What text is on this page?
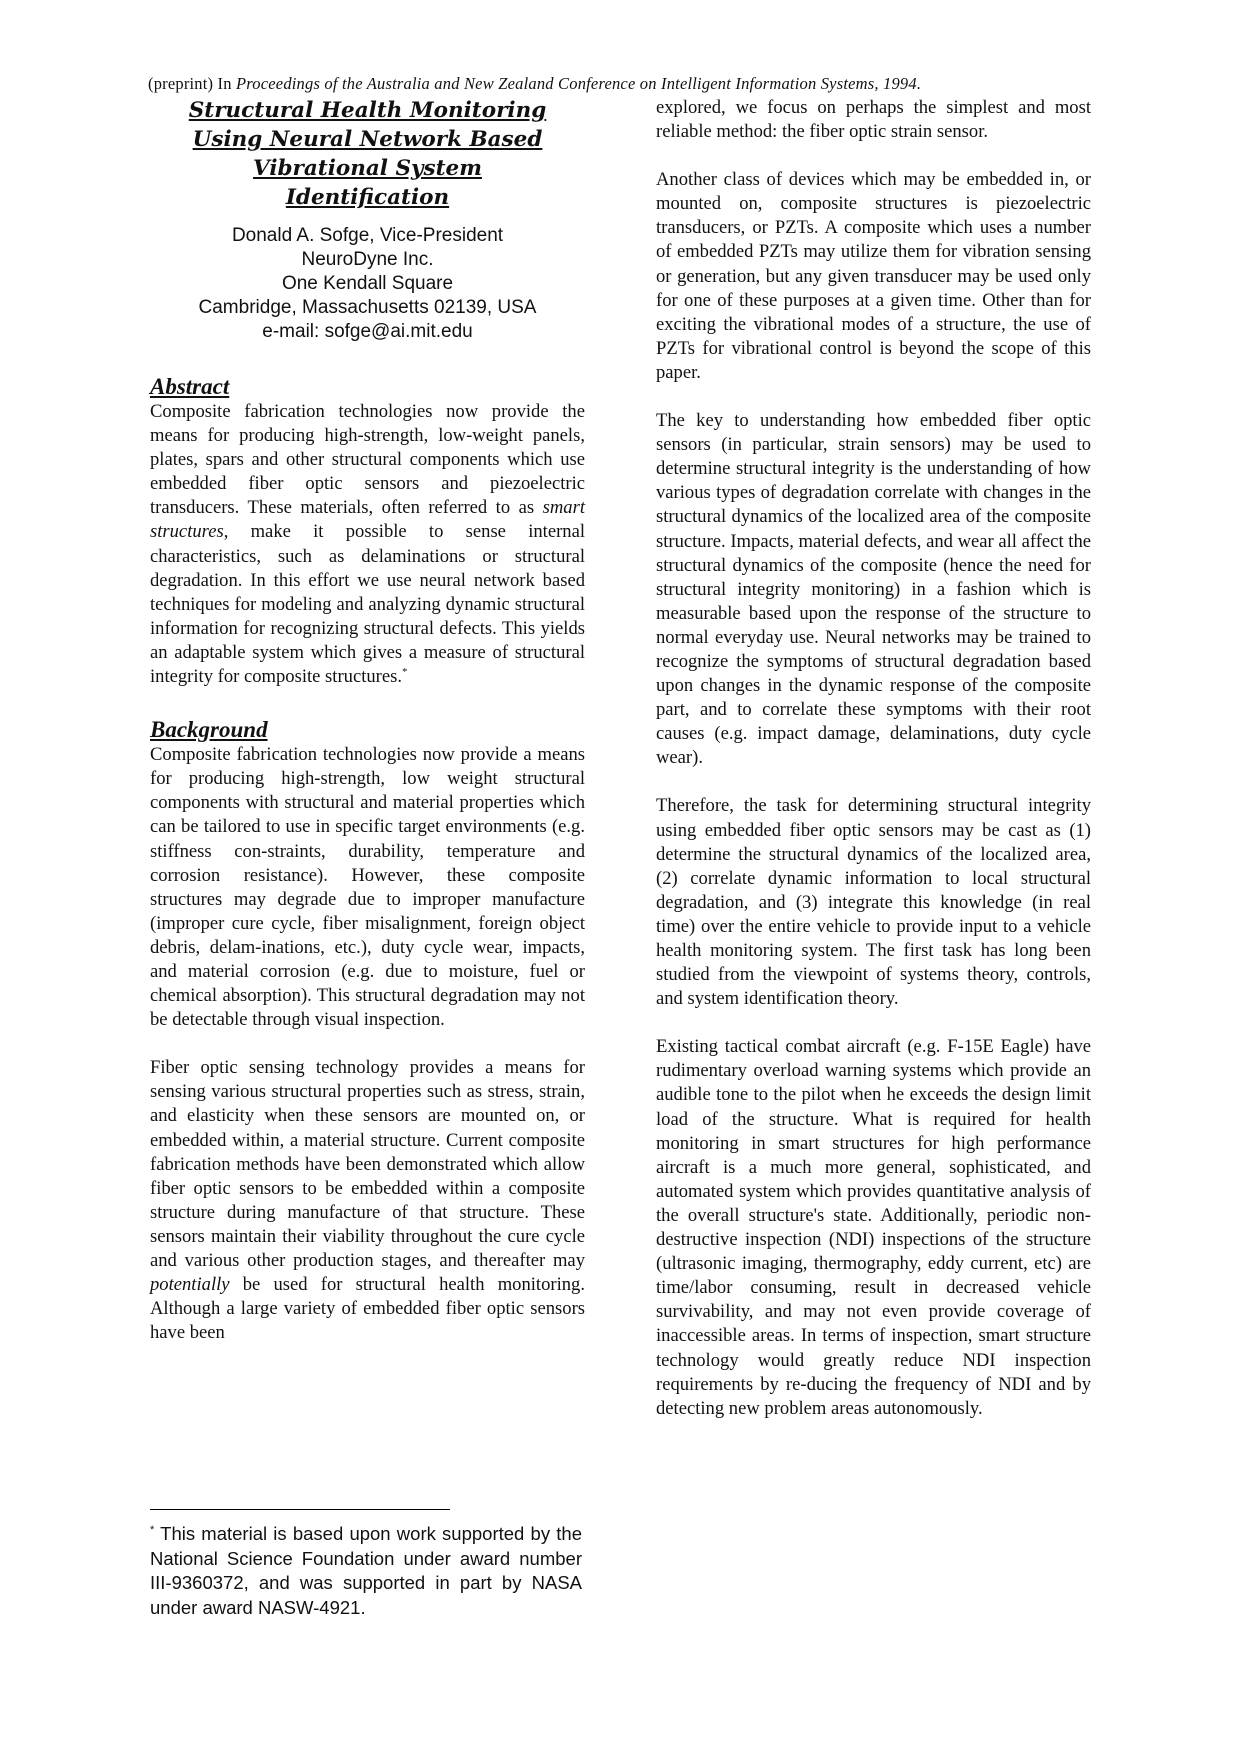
(preprint) In Proceedings of the Australia and New Zealand Conference on Intelligent Information Systems, 1994.
Structural Health Monitoring
Using Neural Network Based
Vibrational System
Identification
Donald A. Sofge, Vice-President
NeuroDyne Inc.
One Kendall Square
Cambridge, Massachusetts 02139, USA
e-mail: sofge@ai.mit.edu
Abstract

Composite fabrication technologies now provide the means for producing high-strength, low-weight panels, plates, spars and other structural components which use embedded fiber optic sensors and piezoelectric transducers. These materials, often referred to as smart structures, make it possible to sense internal characteristics, such as delaminations or structural degradation. In this effort we use neural network based techniques for modeling and analyzing dynamic structural information for recognizing structural defects. This yields an adaptable system which gives a measure of structural integrity for composite structures.*

Background

Composite fabrication technologies now provide a means for producing high-strength, low weight structural components with structural and material properties which can be tailored to use in specific target environments (e.g. stiffness con-straints, durability, temperature and corrosion resistance). However, these composite structures may degrade due to improper manufacture (improper cure cycle, fiber misalignment, foreign object debris, delam-inations, etc.), duty cycle wear, impacts, and material corrosion (e.g. due to moisture, fuel or chemical absorption). This structural degradation may not be detectable through visual inspection.

Fiber optic sensing technology provides a means for sensing various structural properties such as stress, strain, and elasticity when these sensors are mounted on, or embedded within, a material structure. Current composite fabrication methods have been demonstrated which allow fiber optic sensors to be embedded within a composite structure during manufacture of that structure. These sensors maintain their viability throughout the cure cycle and various other production stages, and thereafter may potentially be used for structural health monitoring. Although a large variety of embedded fiber optic sensors have been

explored, we focus on perhaps the simplest and most reliable method: the fiber optic strain sensor.

Another class of devices which may be embedded in, or mounted on, composite structures is piezoelectric transducers, or PZTs. A composite which uses a number of embedded PZTs may utilize them for vibration sensing or generation, but any given transducer may be used only for one of these purposes at a given time. Other than for exciting the vibrational modes of a structure, the use of PZTs for vibrational control is beyond the scope of this paper.

The key to understanding how embedded fiber optic sensors (in particular, strain sensors) may be used to determine structural integrity is the understanding of how various types of degradation correlate with changes in the structural dynamics of the localized area of the composite structure. Impacts, material defects, and wear all affect the structural dynamics of the composite (hence the need for structural integrity monitoring) in a fashion which is measurable based upon the response of the structure to normal everyday use. Neural networks may be trained to recognize the symptoms of structural degradation based upon changes in the dynamic response of the composite part, and to correlate these symptoms with their root causes (e.g. impact damage, delaminations, duty cycle wear).

Therefore, the task for determining structural integrity using embedded fiber optic sensors may be cast as (1) determine the structural dynamics of the localized area, (2) correlate dynamic information to local structural degradation, and (3) integrate this knowledge (in real time) over the entire vehicle to provide input to a vehicle health monitoring system. The first task has long been studied from the viewpoint of systems theory, controls, and system identification theory.

Existing tactical combat aircraft (e.g. F-15E Eagle) have rudimentary overload warning systems which provide an audible tone to the pilot when he exceeds the design limit load of the structure. What is required for health monitoring in smart structures for high performance aircraft is a much more general, sophisticated, and automated system which provides quantitative analysis of the overall structure's state. Additionally, periodic non-destructive inspection (NDI) inspections of the structure (ultrasonic imaging, thermography, eddy current, etc) are time/labor consuming, result in decreased vehicle survivability, and may not even provide coverage of inaccessible areas. In terms of inspection, smart structure technology would greatly reduce NDI inspection requirements by re-ducing the frequency of NDI and by detecting new problem areas autonomously.

* This material is based upon work supported by the National Science Foundation under award number III-9360372, and was supported in part by NASA under award NASW-4921.
